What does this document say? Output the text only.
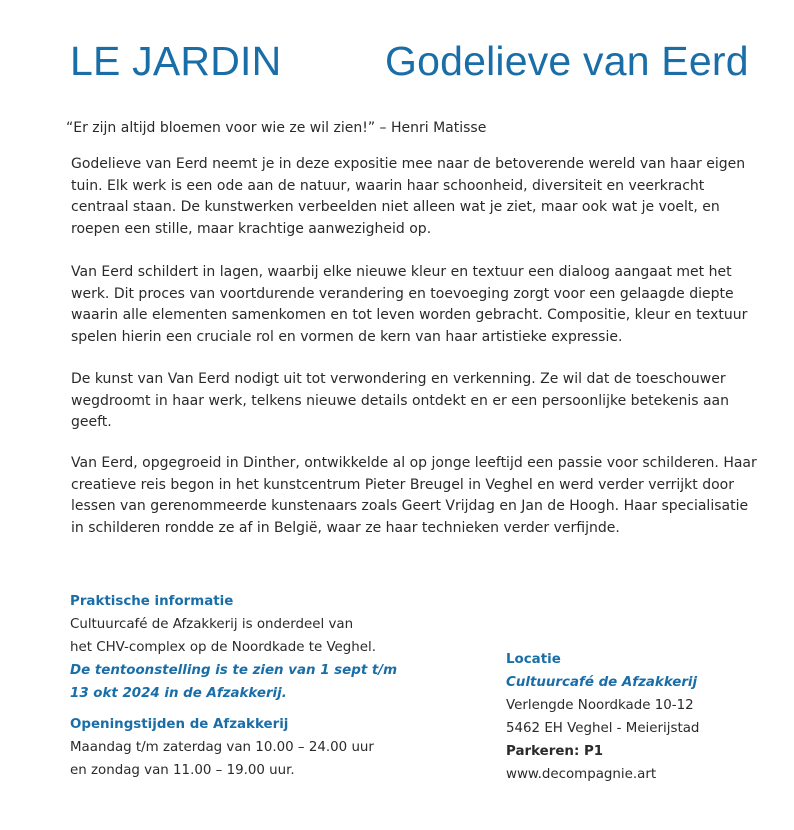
LE JARDIN	Godelieve van Eerd

“Er zijn altijd bloemen voor wie ze wil zien!” – Henri Matisse

Godelieve van Eerd neemt je in deze expositie mee naar de betoverende wereld van haar eigen tuin. Elk werk is een ode aan de natuur, waarin haar schoonheid, diversiteit en veerkracht centraal staan. De kunstwerken verbeelden niet alleen wat je ziet, maar ook wat je voelt, en roepen een stille, maar krachtige aanwezigheid op.

Van Eerd schildert in lagen, waarbij elke nieuwe kleur en textuur een dialoog aangaat met het werk. Dit proces van voortdurende verandering en toevoeging zorgt voor een gelaagde diepte waarin alle elementen samenkomen en tot leven worden gebracht. Compositie, kleur en textuur spelen hierin een cruciale rol en vormen de kern van haar artistieke expressie.

De kunst van Van Eerd nodigt uit tot verwondering en verkenning. Ze wil dat de toeschouwer wegdroomt in haar werk, telkens nieuwe details ontdekt en er een persoonlijke betekenis aan geeft.

Van Eerd, opgegroeid in Dinther, ontwikkelde al op jonge leeftijd een passie voor schilderen. Haar creatieve reis begon in het kunstcentrum Pieter Breugel in Veghel en werd verder verrijkt door lessen van gerenommeerde kunstenaars zoals Geert Vrijdag en Jan de Hoogh. Haar specialisatie in schilderen rondde ze af in België, waar ze haar technieken verder verfijnde.

Praktische informatie
Cultuurcafé de Afzakkerij is onderdeel van
het CHV-complex op de Noordkade te Veghel.
De tentoonstelling is te zien van 1 sept t/m
13 okt 2024 in de Afzakkerij.
Openingstijden de Afzakkerij
Maandag t/m zaterdag van 10.00 – 24.00 uur
en zondag van 11.00 – 19.00 uur.
Locatie
Cultuurcafé de Afzakkerij
Verlengde Noordkade 10-12
5462 EH Veghel - Meierijstad
Parkeren: P1
www.decompagnie.art
